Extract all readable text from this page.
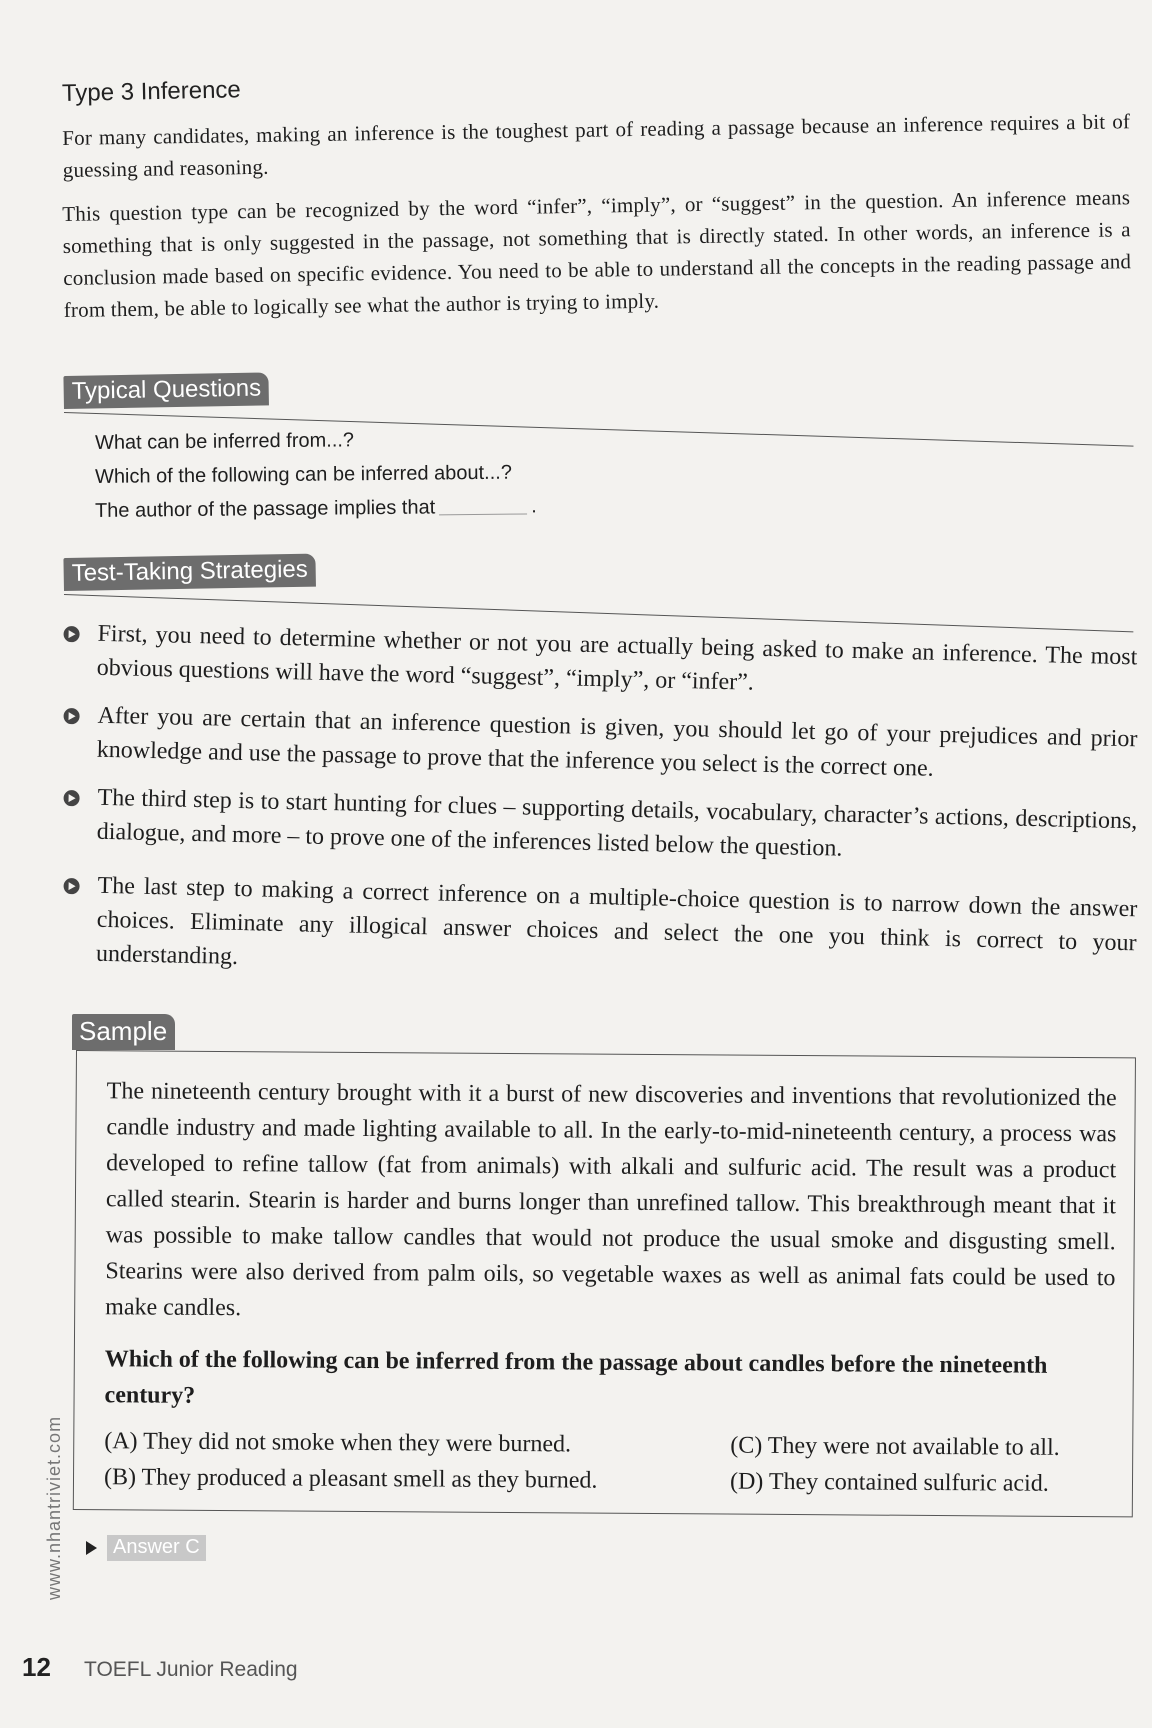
Type 3 Inference

For many candidates, making an inference is the toughest part of reading a passage because an inference requires a bit of guessing and reasoning.

This question type can be recognized by the word “infer”, “imply”, or “suggest” in the question. An inference means something that is only suggested in the passage, not something that is directly stated. In other words, an inference is a conclusion made based on specific evidence. You need to be able to understand all the concepts in the reading passage and from them, be able to logically see what the author is trying to imply.

Typical Questions
What can be inferred from...?
Which of the following can be inferred about...?
The author of the passage implies that	.
Test-Taking Strategies
First, you need to determine whether or not you are actually being asked to make an inference. The most obvious questions will have the word “suggest”, “imply”, or “infer”.
After you are certain that an inference question is given, you should let go of your prejudices and prior knowledge and use the passage to prove that the inference you select is the correct one.
The third step is to start hunting for clues – supporting details, vocabulary, character’s actions, descriptions, dialogue, and more – to prove one of the inferences listed below the question.
The last step to making a correct inference on a multiple-choice question is to narrow down the answer choices. Eliminate any illogical answer choices and select the one you think is correct to your understanding.
Sample

The nineteenth century brought with it a burst of new discoveries and inventions that revolutionized the candle industry and made lighting available to all. In the early-to-mid-nineteenth century, a process was developed to refine tallow (fat from animals) with alkali and sulfuric acid. The result was a product called stearin. Stearin is harder and burns longer than unrefined tallow. This breakthrough meant that it was possible to make tallow candles that would not produce the usual smoke and disgusting smell. Stearins were also derived from palm oils, so vegetable waxes as well as animal fats could be used to make candles.

Which of the following can be inferred from the passage about candles before the nineteenth century?

(A) They did not smoke when they were burned.
(B) They produced a pleasant smell as they burned.
(C) They were not available to all.
(D) They contained sulfuric acid.
Answer C
www.nhantriviet.com
12 TOEFL Junior Reading
